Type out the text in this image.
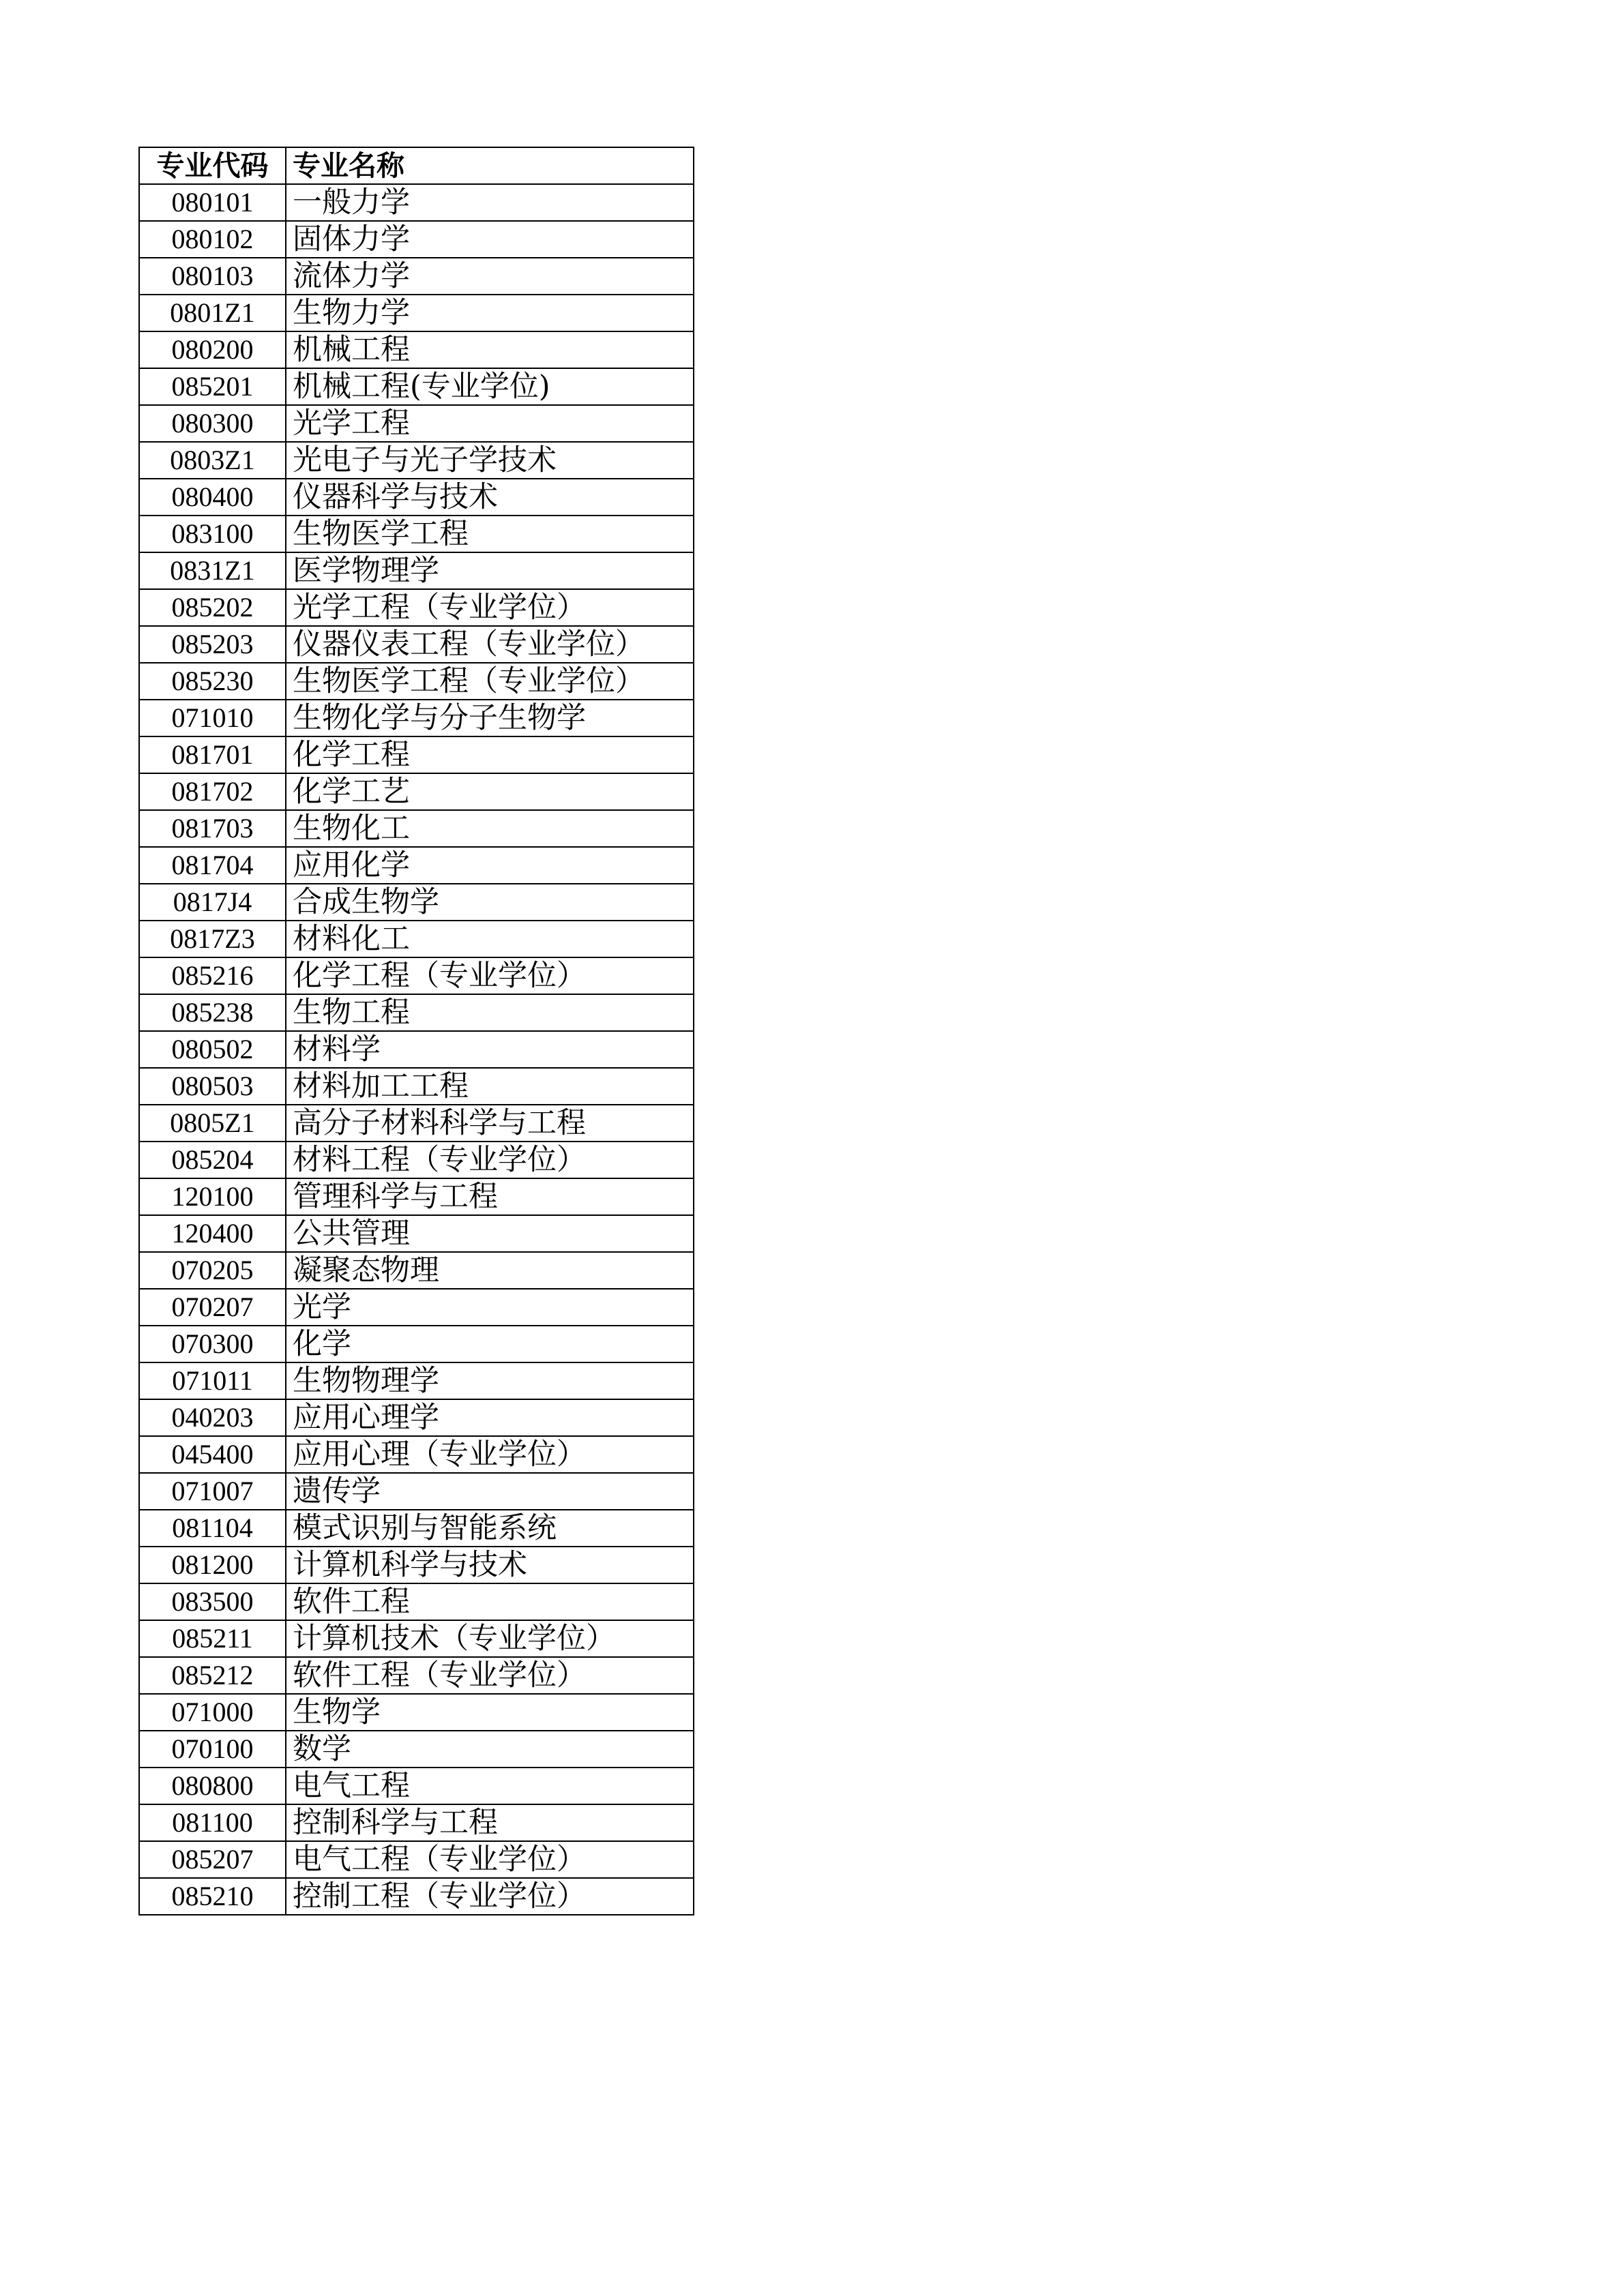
专业代码	专业名称
080101	一般力学
080102	固体力学
080103	流体力学
0801Z1	生物力学
080200	机械工程
085201	机械工程(专业学位)
080300	光学工程
0803Z1	光电子与光子学技术
080400	仪器科学与技术
083100	生物医学工程
0831Z1	医学物理学
085202	光学工程（专业学位）
085203	仪器仪表工程（专业学位）
085230	生物医学工程（专业学位）
071010	生物化学与分子生物学
081701	化学工程
081702	化学工艺
081703	生物化工
081704	应用化学
0817J4	合成生物学
0817Z3	材料化工
085216	化学工程（专业学位）
085238	生物工程
080502	材料学
080503	材料加工工程
0805Z1	高分子材料科学与工程
085204	材料工程（专业学位）
120100	管理科学与工程
120400	公共管理
070205	凝聚态物理
070207	光学
070300	化学
071011	生物物理学
040203	应用心理学
045400	应用心理（专业学位）
071007	遗传学
081104	模式识别与智能系统
081200	计算机科学与技术
083500	软件工程
085211	计算机技术（专业学位）
085212	软件工程（专业学位）
071000	生物学
070100	数学
080800	电气工程
081100	控制科学与工程
085207	电气工程（专业学位）
085210	控制工程（专业学位）
